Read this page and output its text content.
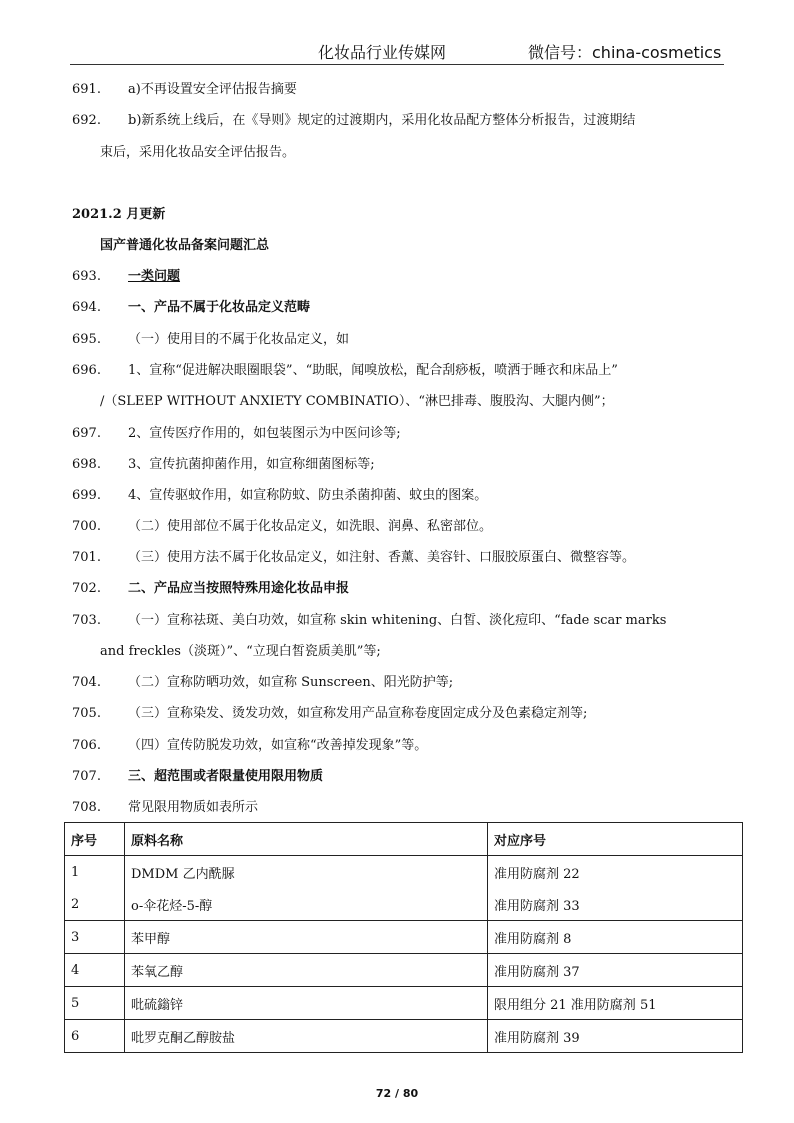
化妆品行业传媒网	微信号：china-cosmetics
691. a)不再设置安全评估报告摘要
692. b)新系统上线后，在《导则》规定的过渡期内，采用化妆品配方整体分析报告，过渡期结
束后，采用化妆品安全评估报告。
2021.2 月更新
国产普通化妆品备案问题汇总
693. 一类问题
694. 一、产品不属于化妆品定义范畴
695. （一）使用目的不属于化妆品定义，如
696. 1、宣称“促进解决眼圈眼袋”、“助眠，闻嗅放松，配合刮痧板，喷洒于睡衣和床品上”
/（SLEEP WITHOUT ANXIETY COMBINATIO）、“淋巴排毒、腹股沟、大腿内侧”；
697. 2、宣传医疗作用的，如包装图示为中医问诊等;
698. 3、宣传抗菌抑菌作用，如宣称细菌图标等;
699. 4、宣传驱蚊作用，如宣称防蚊、防虫杀菌抑菌、蚊虫的图案。
700. （二）使用部位不属于化妆品定义，如洗眼、润鼻、私密部位。
701. （三）使用方法不属于化妆品定义，如注射、香薰、美容针、口服胶原蛋白、微整容等。
702. 二、产品应当按照特殊用途化妆品申报
703. （一）宣称祛斑、美白功效，如宣称 skin whitening、白皙、淡化痘印、“fade scar marks
and freckles（淡斑）”、“立现白皙瓷质美肌”等;
704. （二）宣称防晒功效，如宣称 Sunscreen、阳光防护等;
705. （三）宣称染发、烫发功效，如宣称发用产品宣称卷度固定成分及色素稳定剂等;
706. （四）宣传防脱发功效，如宣称“改善掉发现象”等。
707. 三、超范围或者限量使用限用物质
708. 常见限用物质如表所示
序号	原料名称	对应序号
1	DMDM 乙内酰脲	准用防腐剂 22
2	o-伞花烃-5-醇	准用防腐剂 33
3	苯甲醇	准用防腐剂 8
4	苯氧乙醇	准用防腐剂 37
5	吡硫鎓锌	限用组分 21 准用防腐剂 51
6	吡罗克酮乙醇胺盐	准用防腐剂 39
72 / 80
